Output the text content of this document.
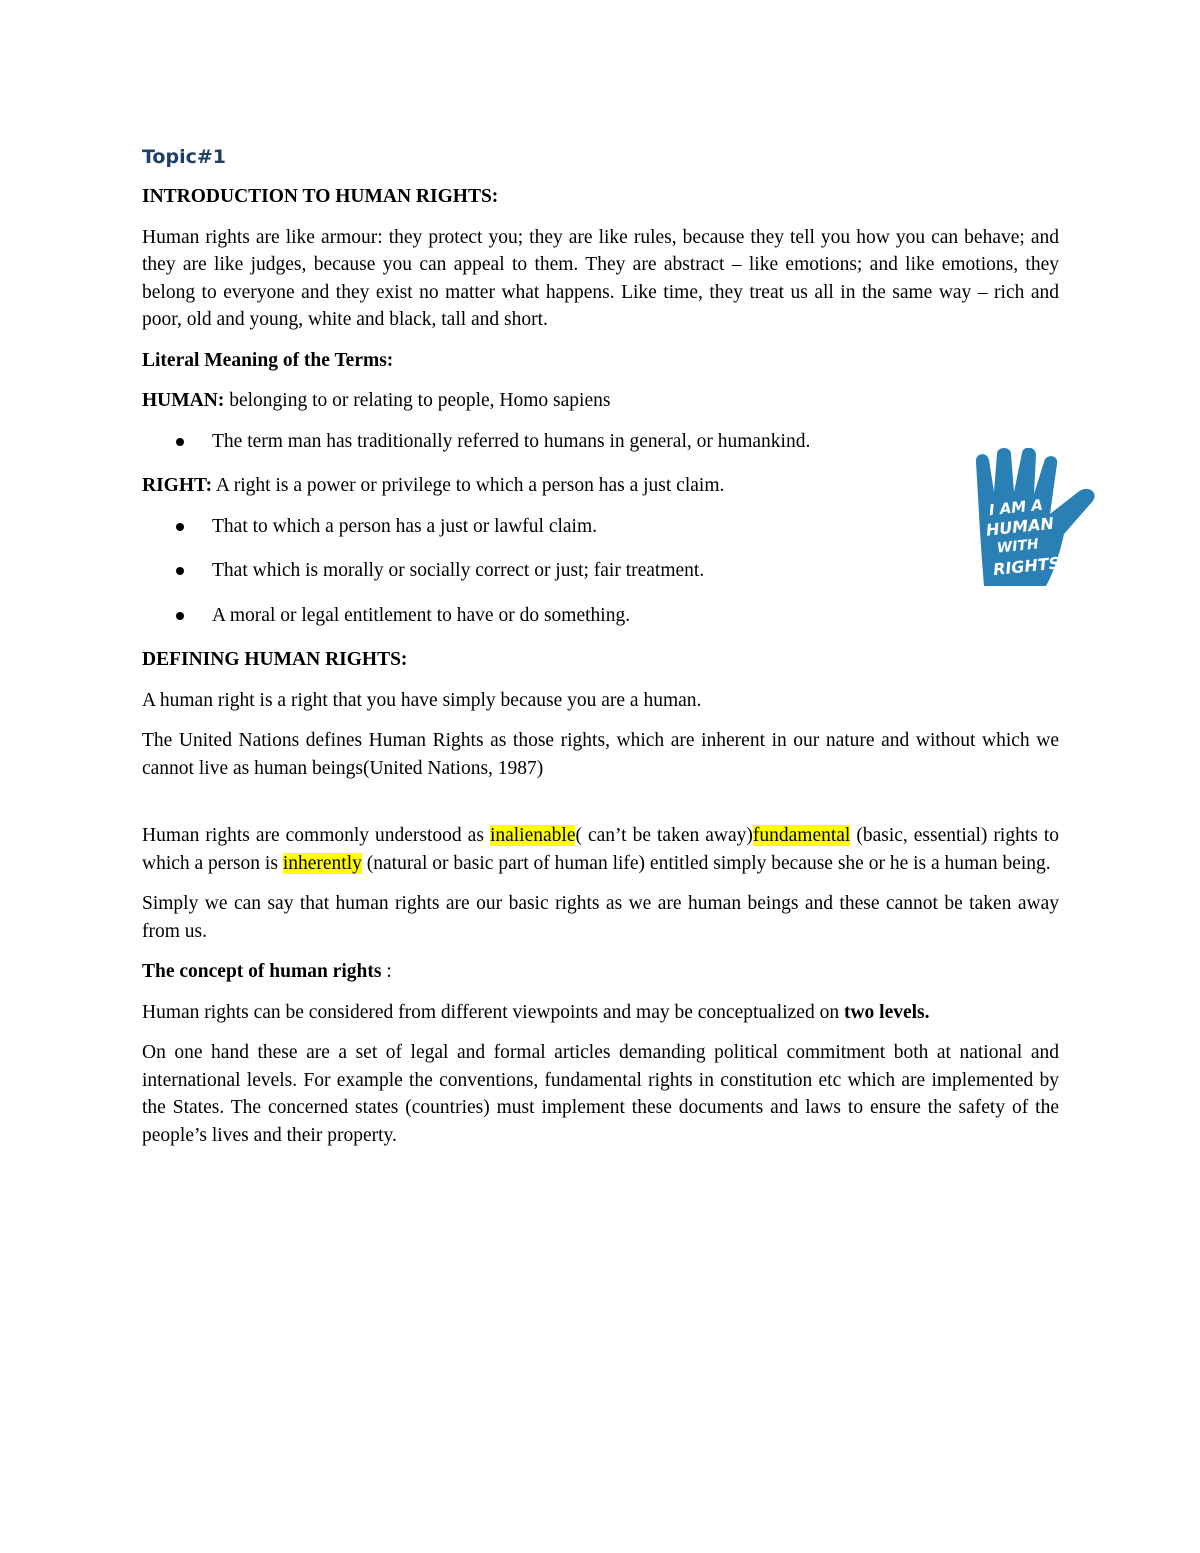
Topic#1
INTRODUCTION TO HUMAN RIGHTS:

Human rights are like armour: they protect you; they are like rules, because they tell you how you can behave; and they are like judges, because you can appeal to them. They are abstract – like emotions; and like emotions, they belong to everyone and they exist no matter what happens. Like time, they treat us all in the same way – rich and poor, old and young, white and black, tall and short.

Literal Meaning of the Terms:

HUMAN: belonging to or relating to people, Homo sapiens

The term man has traditionally referred to humans in general, or humankind.

RIGHT: A right is a power or privilege to which a person has a just claim.

That to which a person has a just or lawful claim.
That which is morally or socially correct or just; fair treatment.
A moral or legal entitlement to have or do something.
DEFINING HUMAN RIGHTS:

A human right is a right that you have simply because you are a human.

The United Nations defines Human Rights as those rights, which are inherent in our nature and without which we cannot live as human beings(United Nations, 1987)

Human rights are commonly understood as inalienable( can’t be taken away)fundamental (basic, essential) rights to which a person is inherently (natural or basic part of human life) entitled simply because she or he is a human being.

Simply we can say that human rights are our basic rights as we are human beings and these cannot be taken away from us.

The concept of human rights :

Human rights can be considered from different viewpoints and may be conceptualized on two levels.

On one hand these are a set of legal and formal articles demanding political commitment both at national and international levels. For example the conventions, fundamental rights in constitution etc which are implemented by the States. The concerned states (countries) must implement these documents and laws to ensure the safety of the people’s lives and their property.

I AM A
HUMAN
WITH
RIGHTS!
